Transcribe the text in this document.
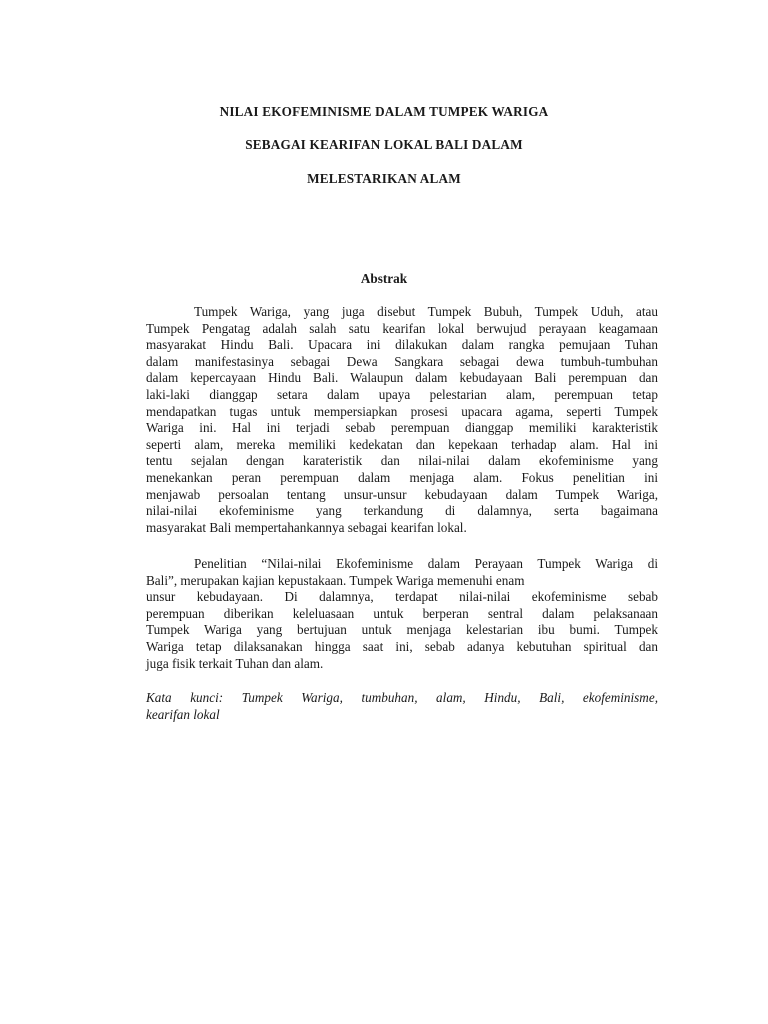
NILAI EKOFEMINISME DALAM TUMPEK WARIGA
SEBAGAI KEARIFAN LOKAL BALI DALAM
MELESTARIKAN ALAM
Abstrak
Tumpek Wariga, yang juga disebut Tumpek Bubuh, Tumpek Uduh, atau
Tumpek Pengatag adalah salah satu kearifan lokal berwujud perayaan keagamaan
masyarakat Hindu Bali. Upacara ini dilakukan dalam rangka pemujaan Tuhan
dalam manifestasinya sebagai Dewa Sangkara sebagai dewa tumbuh-tumbuhan
dalam kepercayaan Hindu Bali. Walaupun dalam kebudayaan Bali perempuan dan
laki-laki dianggap setara dalam upaya pelestarian alam, perempuan tetap
mendapatkan tugas untuk mempersiapkan prosesi upacara agama, seperti Tumpek
Wariga ini. Hal ini terjadi sebab perempuan dianggap memiliki karakteristik
seperti alam, mereka memiliki kedekatan dan kepekaan terhadap alam. Hal ini
tentu sejalan dengan karateristik dan nilai-nilai dalam ekofeminisme yang
menekankan peran perempuan dalam menjaga alam. Fokus penelitian ini
menjawab persoalan tentang unsur-unsur kebudayaan dalam Tumpek Wariga,
nilai-nilai ekofeminisme yang terkandung di dalamnya, serta bagaimana
masyarakat Bali mempertahankannya sebagai kearifan lokal.
Penelitian “Nilai-nilai Ekofeminisme dalam Perayaan Tumpek Wariga di
Bali”, merupakan kajian kepustakaan. Tumpek Wariga memenuhi enam
unsur kebudayaan. Di dalamnya, terdapat nilai-nilai ekofeminisme sebab
perempuan diberikan keleluasaan untuk berperan sentral dalam pelaksanaan
Tumpek Wariga yang bertujuan untuk menjaga kelestarian ibu bumi. Tumpek
Wariga tetap dilaksanakan hingga saat ini, sebab adanya kebutuhan spiritual dan
juga fisik terkait Tuhan dan alam.
Kata kunci: Tumpek Wariga, tumbuhan, alam, Hindu, Bali, ekofeminisme,
kearifan lokal
